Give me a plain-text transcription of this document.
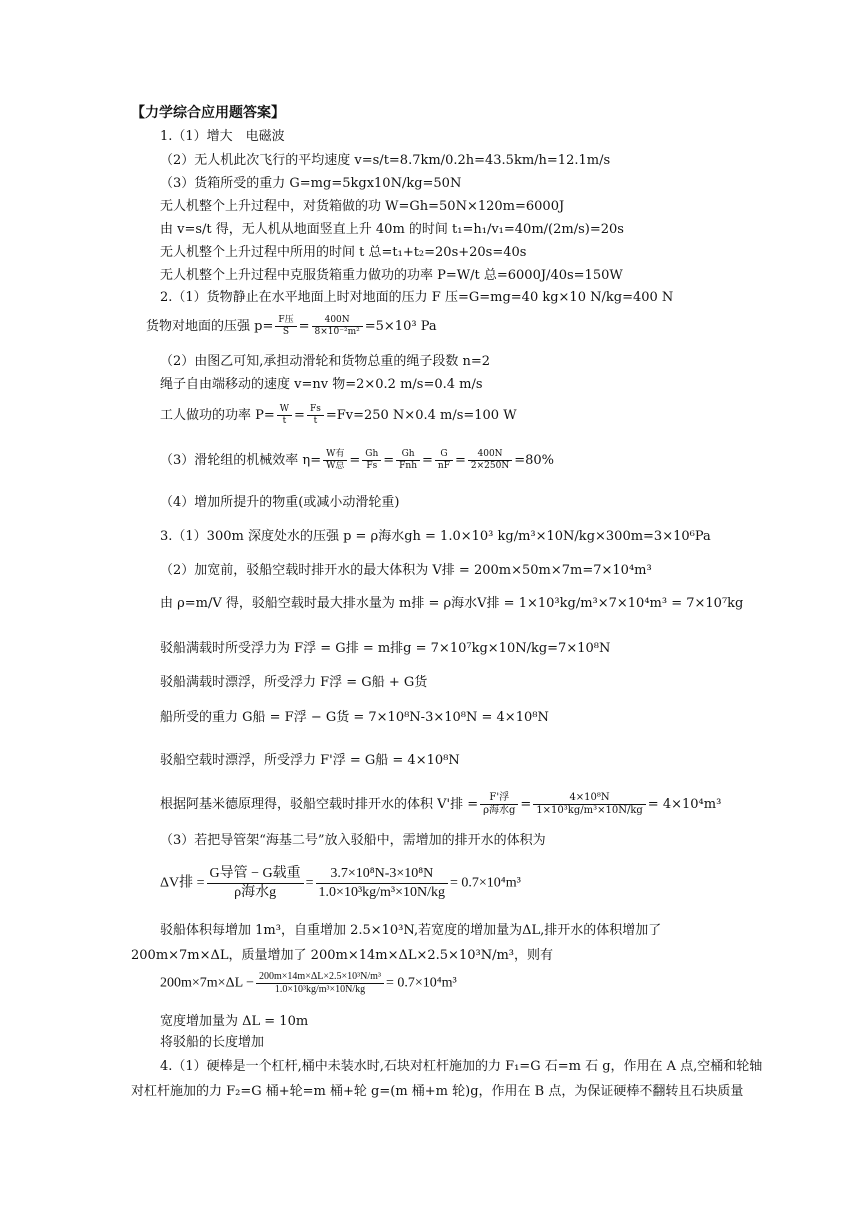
【力学综合应用题答案】
1.（1）增大　电磁波
（2）无人机此次飞行的平均速度 v=s/t=8.7km/0.2h=43.5km/h=12.1m/s
（3）货箱所受的重力 G=mg=5kgx10N/kg=50N
无人机整个上升过程中，对货箱做的功 W=Gh=50N×120m=6000J
由 v=s/t 得，无人机从地面竖直上升 40m 的时间 t₁=h₁/v₁=40m/(2m/s)=20s
无人机整个上升过程中所用的时间 t 总=t₁+t₂=20s+20s=40s
无人机整个上升过程中克服货箱重力做功的功率 P=W/t 总=6000J/40s=150W
2.（1）货物静止在水平地面上时对地面的压力 F 压=G=mg=40 kg×10 N/kg=400 N
货物对地面的压强 $p= \frac{\text{F压}}{S} = \frac{400N}{\text{8×10⁻²m²}} =5\times 10^3$ Pa
（2）由图乙可知,承担动滑轮和货物总重的绳子段数 n=2
绳子自由端移动的速度 v=nv 物=2×0.2 m/s=0.4 m/s
工人做功的功率 $P= \frac{W}{t} = \frac{Fs}{t} =Fv=250$ N×0.4 m/s=100 W
（3）滑轮组的机械效率 $\eta= \frac{\text{W有}}{\text{W总}} = \frac{Gh}{Fs} = \frac{Gh}{\text{Fnh}} = \frac{G}{nF} = \frac{400N}{2\times 250N} =80\%$
（4）增加所提升的物重(或减小动滑轮重)
3.（1）300m 深度处水的压强 p = ρ海水gh = 1.0×10³ kg/m³×10N/kg×300m=3×10⁶Pa
（2）加宽前，驳船空载时排开水的最大体积为 V排 = 200m×50m×7m=7×10⁴m³
由 ρ=m/V 得，驳船空载时最大排水量为 m排 = ρ海水V排 = 1×10³kg/m³×7×10⁴m³ = 7×10⁷kg
驳船满载时所受浮力为 F浮 = G排 = m排g = 7×10⁷kg×10N/kg=7×10⁸N
驳船满载时漂浮，所受浮力 F浮 = G船 + G货
船所受的重力 G船 = F浮 − G货 = 7×10⁸N-3×10⁸N = 4×10⁸N
驳船空载时漂浮，所受浮力 F'浮 = G船 = 4×10⁸N
根据阿基米德原理得，驳船空载时排开水的体积 V'排 = $\frac{\text{F'浮}}{\text{ρ海水g}} = \frac{\text{4×10⁸N}}{\text{1×10³kg/m³×10N/kg}} = 4\times 10^4m^3$
（3）若把导管架“海基二号”放入驳船中，需增加的排开水的体积为
ΔV排 = $\frac{\text{G导管 − G载重}}{\text{ρ海水g}} = \frac{\text{3.7×10⁸N-3×10⁸N}}{\text{1.0×10³kg/m³×10N/kg}} = 0.7\times 10^4m^3$
驳船体积每增加 1m³，自重增加 2.5×10³N,若宽度的增加量为ΔL,排开水的体积增加了 200m×7m×ΔL，质量增加了 200m×14m×ΔL×2.5×10³N/m³，则有
$200m\times 7m\times\Delta L - \frac{\text{200m×14m×ΔL×2.5×10³N/m³}}{\text{1.0×10³kg/m³×10N/kg}} = 0.7\times 10^4m^3$
宽度增加量为 ΔL = 10m
将驳船的长度增加
4.（1）硬棒是一个杠杆,桶中未装水时,石块对杠杆施加的力 F₁=G 石=m 石 g，作用在 A 点,空桶和轮轴对杠杆施加的力 F₂=G 桶+轮=m 桶+轮 g=(m 桶+m 轮)g，作用在 B 点，为保证硬棒不翻转且石块质量
